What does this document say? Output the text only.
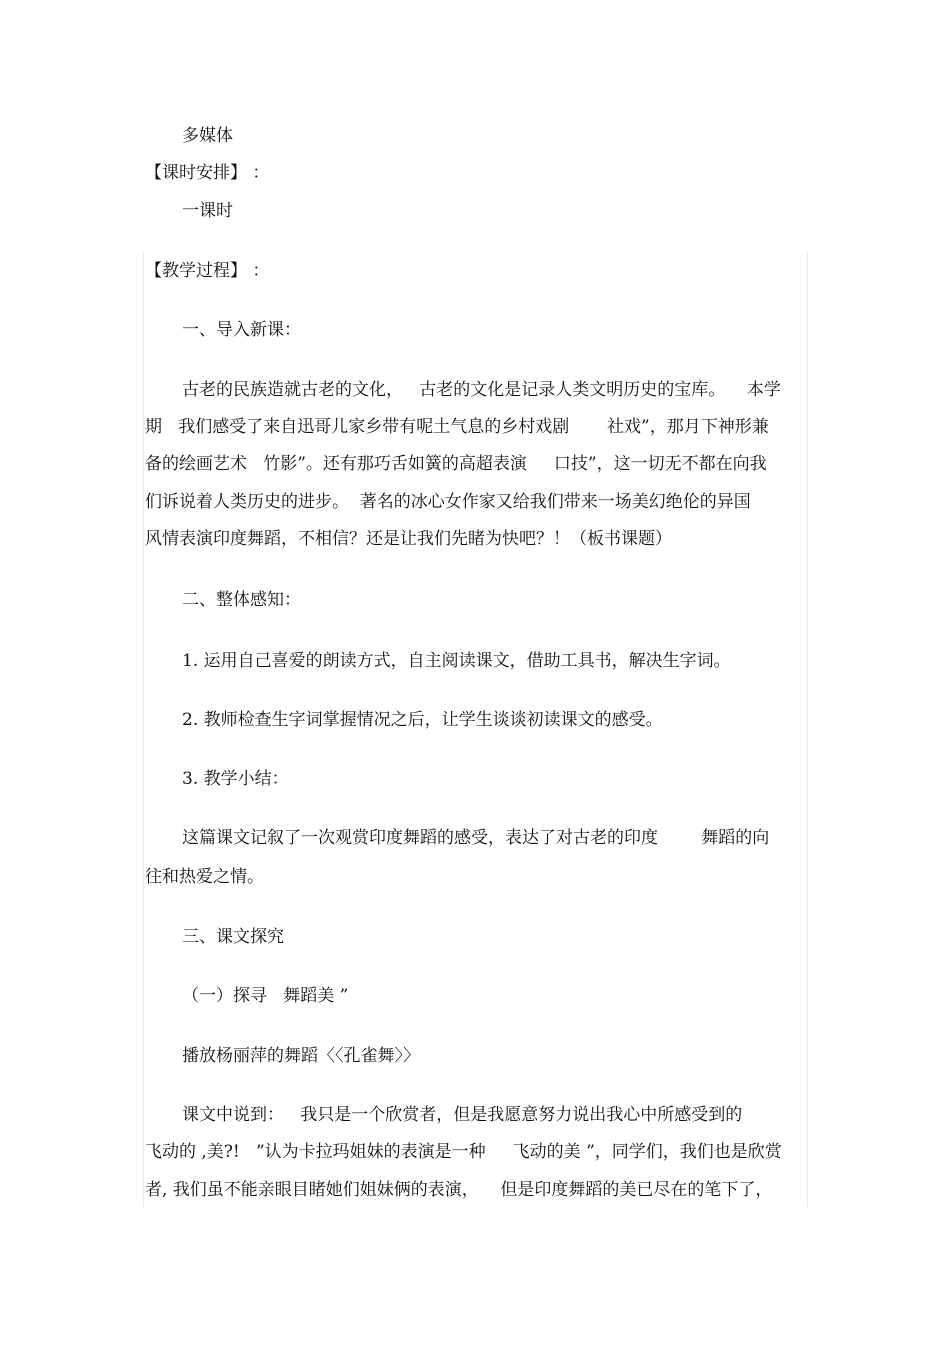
多媒体

【课时安排】 ：

一课时

【教学过程】 ：

一、导入新课：

古老的民族造就古老的文化，   古老的文化是记录人类文明历史的宝库。    本学

期   我们感受了来自迅哥儿家乡带有呢土气息的乡村戏剧       社戏”，那月下神形兼

备的绘画艺术   竹影”。还有那巧舌如簧的高超表演     口技”，这一切无不都在向我

们诉说着人类历史的进步。  著名的冰心女作家又给我们带来一场美幻绝伦的异国

风情表演印度舞蹈，不相信？还是让我们先睹为快吧？！（板书课题）

二、整体感知：

1. 运用自己喜爱的朗读方式，自主阅读课文，借助工具书，解决生字词。

2. 教师检查生字词掌握情况之后，让学生谈谈初读课文的感受。

3. 教学小结：

这篇课文记叙了一次观赏印度舞蹈的感受，表达了对古老的印度        舞蹈的向

往和热爱之情。

三、课文探究

（一）探寻   舞蹈美 ”

播放杨丽萍的舞蹈〈〈孔雀舞〉〉

课文中说到：   我只是一个欣赏者，但是我愿意努力说出我心中所感受到的

飞动的 ,美?!   ”认为卡拉玛姐妹的表演是一种     飞动的美 ”，同学们，我们也是欣赏

者, 我们虽不能亲眼目睹她们姐妹俩的表演，    但是印度舞蹈的美已尽在的笔下了，
